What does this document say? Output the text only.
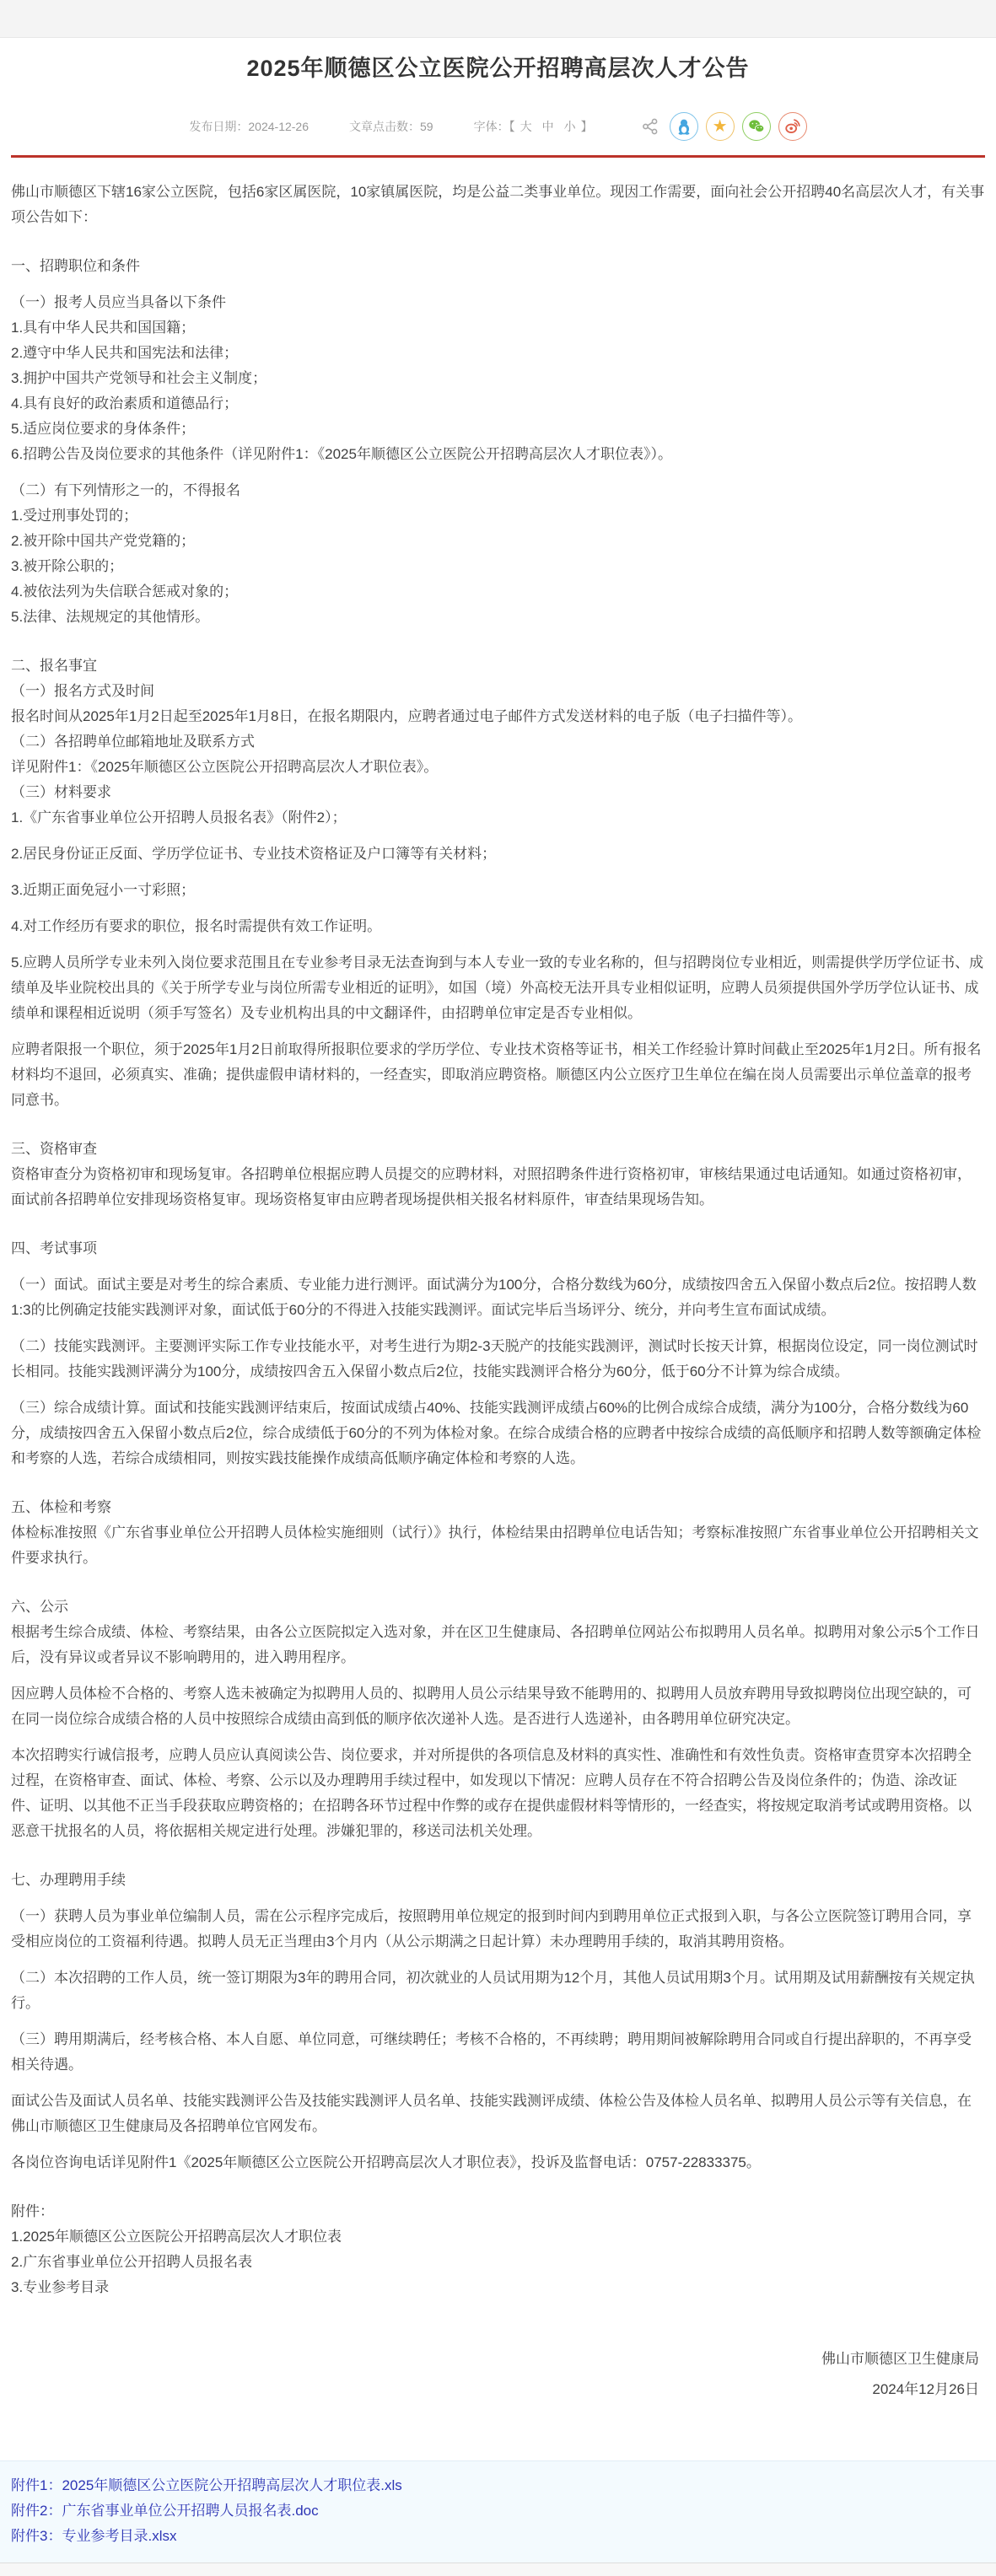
2025年顺德区公立医院公开招聘高层次人才公告
发布日期：2024-12-26	文章点击数：59	字体：【 大 中 小 】	★

佛山市顺德区下辖16家公立医院，包括6家区属医院，10家镇属医院，均是公益二类事业单位。现因工作需要，面向社会公开招聘40名高层次人才，有关事项公告如下：

一、招聘职位和条件

（一）报考人员应当具备以下条件

1.具有中华人民共和国国籍；

2.遵守中华人民共和国宪法和法律；

3.拥护中国共产党领导和社会主义制度；

4.具有良好的政治素质和道德品行；

5.适应岗位要求的身体条件；

6.招聘公告及岗位要求的其他条件（详见附件1：《2025年顺德区公立医院公开招聘高层次人才职位表》）。

（二）有下列情形之一的，不得报名

1.受过刑事处罚的；

2.被开除中国共产党党籍的；

3.被开除公职的；

4.被依法列为失信联合惩戒对象的；

5.法律、法规规定的其他情形。

二、报名事宜

（一）报名方式及时间

报名时间从2025年1月2日起至2025年1月8日，在报名期限内，应聘者通过电子邮件方式发送材料的电子版（电子扫描件等）。

（二）各招聘单位邮箱地址及联系方式

详见附件1：《2025年顺德区公立医院公开招聘高层次人才职位表》。

（三）材料要求

1.《广东省事业单位公开招聘人员报名表》（附件2）；

2.居民身份证正反面、学历学位证书、专业技术资格证及户口簿等有关材料；

3.近期正面免冠小一寸彩照；

4.对工作经历有要求的职位，报名时需提供有效工作证明。

5.应聘人员所学专业未列入岗位要求范围且在专业参考目录无法查询到与本人专业一致的专业名称的，但与招聘岗位专业相近，则需提供学历学位证书、成绩单及毕业院校出具的《关于所学专业与岗位所需专业相近的证明》，如国（境）外高校无法开具专业相似证明，应聘人员须提供国外学历学位认证书、成绩单和课程相近说明（须手写签名）及专业机构出具的中文翻译件，由招聘单位审定是否专业相似。

应聘者限报一个职位，须于2025年1月2日前取得所报职位要求的学历学位、专业技术资格等证书，相关工作经验计算时间截止至2025年1月2日。所有报名材料均不退回，必须真实、准确；提供虚假申请材料的，一经查实，即取消应聘资格。顺德区内公立医疗卫生单位在编在岗人员需要出示单位盖章的报考同意书。

三、资格审查

资格审查分为资格初审和现场复审。各招聘单位根据应聘人员提交的应聘材料，对照招聘条件进行资格初审，审核结果通过电话通知。如通过资格初审，面试前各招聘单位安排现场资格复审。现场资格复审由应聘者现场提供相关报名材料原件，审查结果现场告知。

四、考试事项

（一）面试。面试主要是对考生的综合素质、专业能力进行测评。面试满分为100分，合格分数线为60分，成绩按四舍五入保留小数点后2位。按招聘人数1:3的比例确定技能实践测评对象，面试低于60分的不得进入技能实践测评。面试完毕后当场评分、统分，并向考生宣布面试成绩。

（二）技能实践测评。主要测评实际工作专业技能水平，对考生进行为期2-3天脱产的技能实践测评，测试时长按天计算，根据岗位设定，同一岗位测试时长相同。技能实践测评满分为100分，成绩按四舍五入保留小数点后2位，技能实践测评合格分为60分，低于60分不计算为综合成绩。

（三）综合成绩计算。面试和技能实践测评结束后，按面试成绩占40%、技能实践测评成绩占60%的比例合成综合成绩，满分为100分，合格分数线为60分，成绩按四舍五入保留小数点后2位，综合成绩低于60分的不列为体检对象。在综合成绩合格的应聘者中按综合成绩的高低顺序和招聘人数等额确定体检和考察的人选，若综合成绩相同，则按实践技能操作成绩高低顺序确定体检和考察的人选。

五、体检和考察

体检标准按照《广东省事业单位公开招聘人员体检实施细则（试行）》执行，体检结果由招聘单位电话告知；考察标准按照广东省事业单位公开招聘相关文件要求执行。

六、公示

根据考生综合成绩、体检、考察结果，由各公立医院拟定入选对象，并在区卫生健康局、各招聘单位网站公布拟聘用人员名单。拟聘用对象公示5个工作日后，没有异议或者异议不影响聘用的，进入聘用程序。

因应聘人员体检不合格的、考察人选未被确定为拟聘用人员的、拟聘用人员公示结果导致不能聘用的、拟聘用人员放弃聘用导致拟聘岗位出现空缺的，可在同一岗位综合成绩合格的人员中按照综合成绩由高到低的顺序依次递补人选。是否进行人选递补，由各聘用单位研究决定。

本次招聘实行诚信报考，应聘人员应认真阅读公告、岗位要求，并对所提供的各项信息及材料的真实性、准确性和有效性负责。资格审查贯穿本次招聘全过程，在资格审查、面试、体检、考察、公示以及办理聘用手续过程中，如发现以下情况：应聘人员存在不符合招聘公告及岗位条件的；伪造、涂改证件、证明、以其他不正当手段获取应聘资格的；在招聘各环节过程中作弊的或存在提供虚假材料等情形的，一经查实，将按规定取消考试或聘用资格。以恶意干扰报名的人员，将依据相关规定进行处理。涉嫌犯罪的，移送司法机关处理。

七、办理聘用手续

（一）获聘人员为事业单位编制人员，需在公示程序完成后，按照聘用单位规定的报到时间内到聘用单位正式报到入职，与各公立医院签订聘用合同，享受相应岗位的工资福利待遇。拟聘人员无正当理由3个月内（从公示期满之日起计算）未办理聘用手续的，取消其聘用资格。

（二）本次招聘的工作人员，统一签订期限为3年的聘用合同，初次就业的人员试用期为12个月，其他人员试用期3个月。试用期及试用薪酬按有关规定执行。

（三）聘用期满后，经考核合格、本人自愿、单位同意，可继续聘任；考核不合格的，不再续聘；聘用期间被解除聘用合同或自行提出辞职的，不再享受相关待遇。

面试公告及面试人员名单、技能实践测评公告及技能实践测评人员名单、技能实践测评成绩、体检公告及体检人员名单、拟聘用人员公示等有关信息，在佛山市顺德区卫生健康局及各招聘单位官网发布。

各岗位咨询电话详见附件1《2025年顺德区公立医院公开招聘高层次人才职位表》，投诉及监督电话：0757-22833375。

附件：

1.2025年顺德区公立医院公开招聘高层次人才职位表

2.广东省事业单位公开招聘人员报名表

3.专业参考目录

佛山市顺德区卫生健康局
2024年12月26日
附件1：2025年顺德区公立医院公开招聘高层次人才职位表.xls
附件2：广东省事业单位公开招聘人员报名表.doc
附件3：专业参考目录.xlsx
